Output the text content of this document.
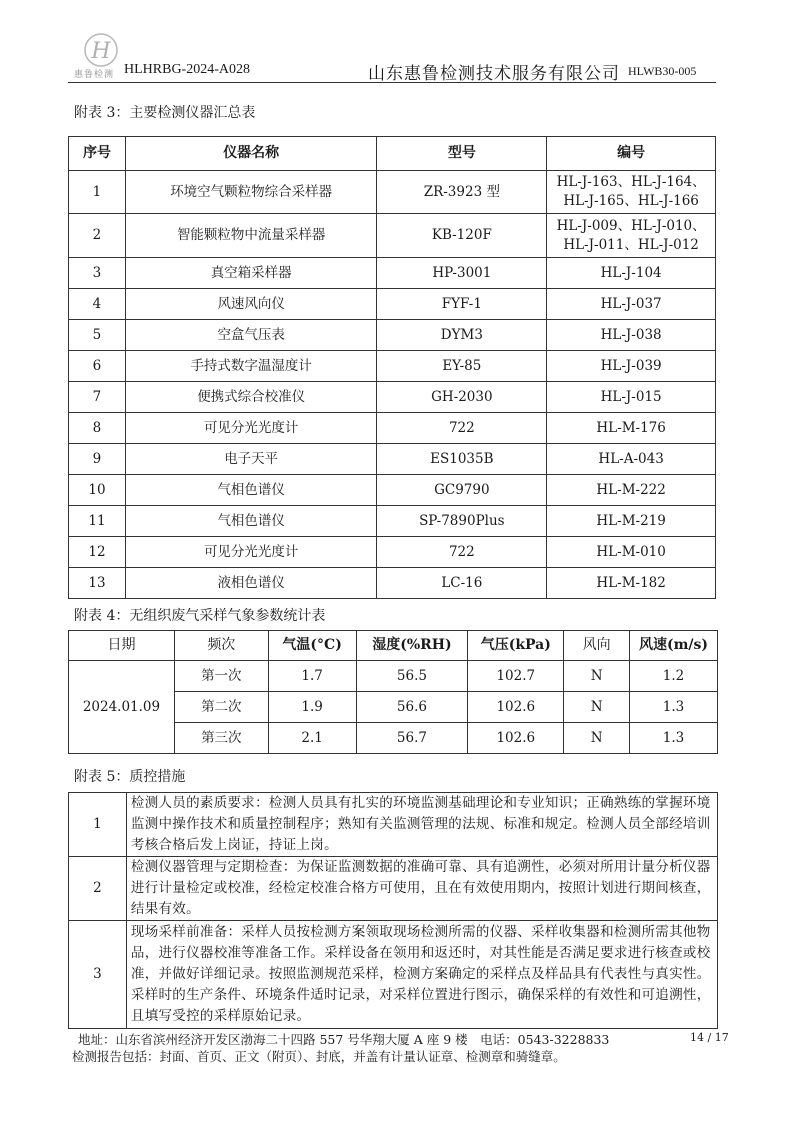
H
惠鲁检测 HLHRBG-2024-A028	山东惠鲁检测技术服务有限公司 HLWB30-005
附表 3：主要检测仪器汇总表
序号	仪器名称	型号	编号
1	环境空气颗粒物综合采样器	ZR-3923 型	HL-J-163、HL-J-164、HL-J-165、HL-J-166
2	智能颗粒物中流量采样器	KB-120F	HL-J-009、HL-J-010、HL-J-011、HL-J-012
3	真空箱采样器	HP-3001	HL-J-104
4	风速风向仪	FYF-1	HL-J-037
5	空盒气压表	DYM3	HL-J-038
6	手持式数字温湿度计	EY-85	HL-J-039
7	便携式综合校准仪	GH-2030	HL-J-015
8	可见分光光度计	722	HL-M-176
9	电子天平	ES1035B	HL-A-043
10	气相色谱仪	GC9790	HL-M-222
11	气相色谱仪	SP-7890Plus	HL-M-219
12	可见分光光度计	722	HL-M-010
13	液相色谱仪	LC-16	HL-M-182
附表 4：无组织废气采样气象参数统计表
日期	频次	气温(°C)	湿度(%RH)	气压(kPa)	风向	风速(m/s)
2024.01.09	第一次	1.7	56.5	102.7	N	1.2
	第二次	1.9	56.6	102.6	N	1.3
	第三次	2.1	56.7	102.6	N	1.3
附表 5：质控措施
1	检测人员的素质要求：检测人员具有扎实的环境监测基础理论和专业知识；正确熟练的掌握环境监测中操作技术和质量控制程序；熟知有关监测管理的法规、标准和规定。检测人员全部经培训考核合格后发上岗证，持证上岗。
2	检测仪器管理与定期检查：为保证监测数据的准确可靠、具有追溯性，必须对所用计量分析仪器进行计量检定或校准，经检定校准合格方可使用，且在有效使用期内，按照计划进行期间核查，结果有效。
3	现场采样前准备：采样人员按检测方案领取现场检测所需的仪器、采样收集器和检测所需其他物品，进行仪器校准等准备工作。采样设备在领用和返还时，对其性能是否满足要求进行核查或校准，并做好详细记录。按照监测规范采样，检测方案确定的采样点及样品具有代表性与真实性。采样时的生产条件、环境条件适时记录，对采样位置进行图示，确保采样的有效性和可追溯性，且填写受控的采样原始记录。
地址：山东省滨州经济开发区渤海二十四路 557 号华翔大厦 A 座 9 楼　电话：0543-3228833	14 / 17
检测报告包括：封面、首页、正文（附页）、封底，并盖有计量认证章、检测章和骑缝章。
